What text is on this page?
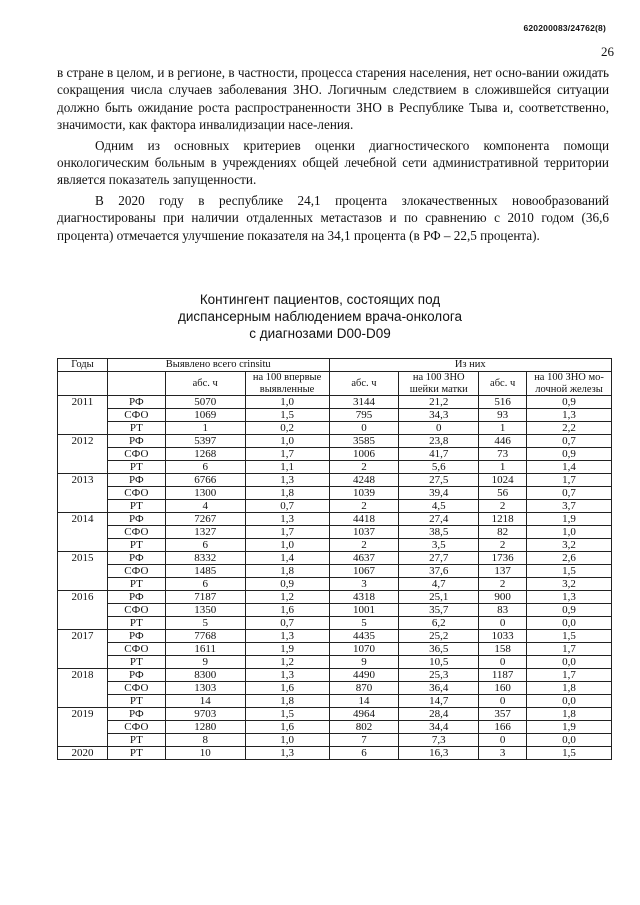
620200083/24762(8)
26

в стране в целом, и в регионе, в частности, процесса старения населения, нет осно-вании ожидать сокращения числа случаев заболевания ЗНО. Логичным следствием в сложившейся ситуации должно быть ожидание роста распространенности ЗНО в Республике Тыва и, соответственно, значимости, как фактора инвалидизации насе-ления.

Одним из основных критериев оценки диагностического компонента помощи онкологическим больным в учреждениях общей лечебной сети административной территории является показатель запущенности.

В 2020 году в республике 24,1 процента злокачественных новообразований диагностированы при наличии отдаленных метастазов и по сравнению с 2010 годом (36,6 процента) отмечается улучшение показателя на 34,1 процента (в РФ – 22,5 процента).

Контингент пациентов, состоящих под
диспансерным наблюдением врача-онколога
с диагнозами D00-D09
Годы	Выявлено всего crinsitu			Из них			
		абс. ч	на 100 впервые выявленные	абс. ч	на 100 ЗНО шейки матки	абс. ч	на 100 ЗНО мо-лочной железы
2011	РФ	5070	1,0	3144	21,2	516	0,9
	СФО	1069	1,5	795	34,3	93	1,3
	РТ	1	0,2	0	0	1	2,2
2012	РФ	5397	1,0	3585	23,8	446	0,7
	СФО	1268	1,7	1006	41,7	73	0,9
	РТ	6	1,1	2	5,6	1	1,4
2013	РФ	6766	1,3	4248	27,5	1024	1,7
	СФО	1300	1,8	1039	39,4	56	0,7
	РТ	4	0,7	2	4,5	2	3,7
2014	РФ	7267	1,3	4418	27,4	1218	1,9
	СФО	1327	1,7	1037	38,5	82	1,0
	РТ	6	1,0	2	3,5	2	3,2
2015	РФ	8332	1,4	4637	27,7	1736	2,6
	СФО	1485	1,8	1067	37,6	137	1,5
	РТ	6	0,9	3	4,7	2	3,2
2016	РФ	7187	1,2	4318	25,1	900	1,3
	СФО	1350	1,6	1001	35,7	83	0,9
	РТ	5	0,7	5	6,2	0	0,0
2017	РФ	7768	1,3	4435	25,2	1033	1,5
	СФО	1611	1,9	1070	36,5	158	1,7
	РТ	9	1,2	9	10,5	0	0,0
2018	РФ	8300	1,3	4490	25,3	1187	1,7
	СФО	1303	1,6	870	36,4	160	1,8
	РТ	14	1,8	14	14,7	0	0,0
2019	РФ	9703	1,5	4964	28,4	357	1,8
	СФО	1280	1,6	802	34,4	166	1,9
	РТ	8	1,0	7	7,3	0	0,0
2020	РТ	10	1,3	6	16,3	3	1,5
